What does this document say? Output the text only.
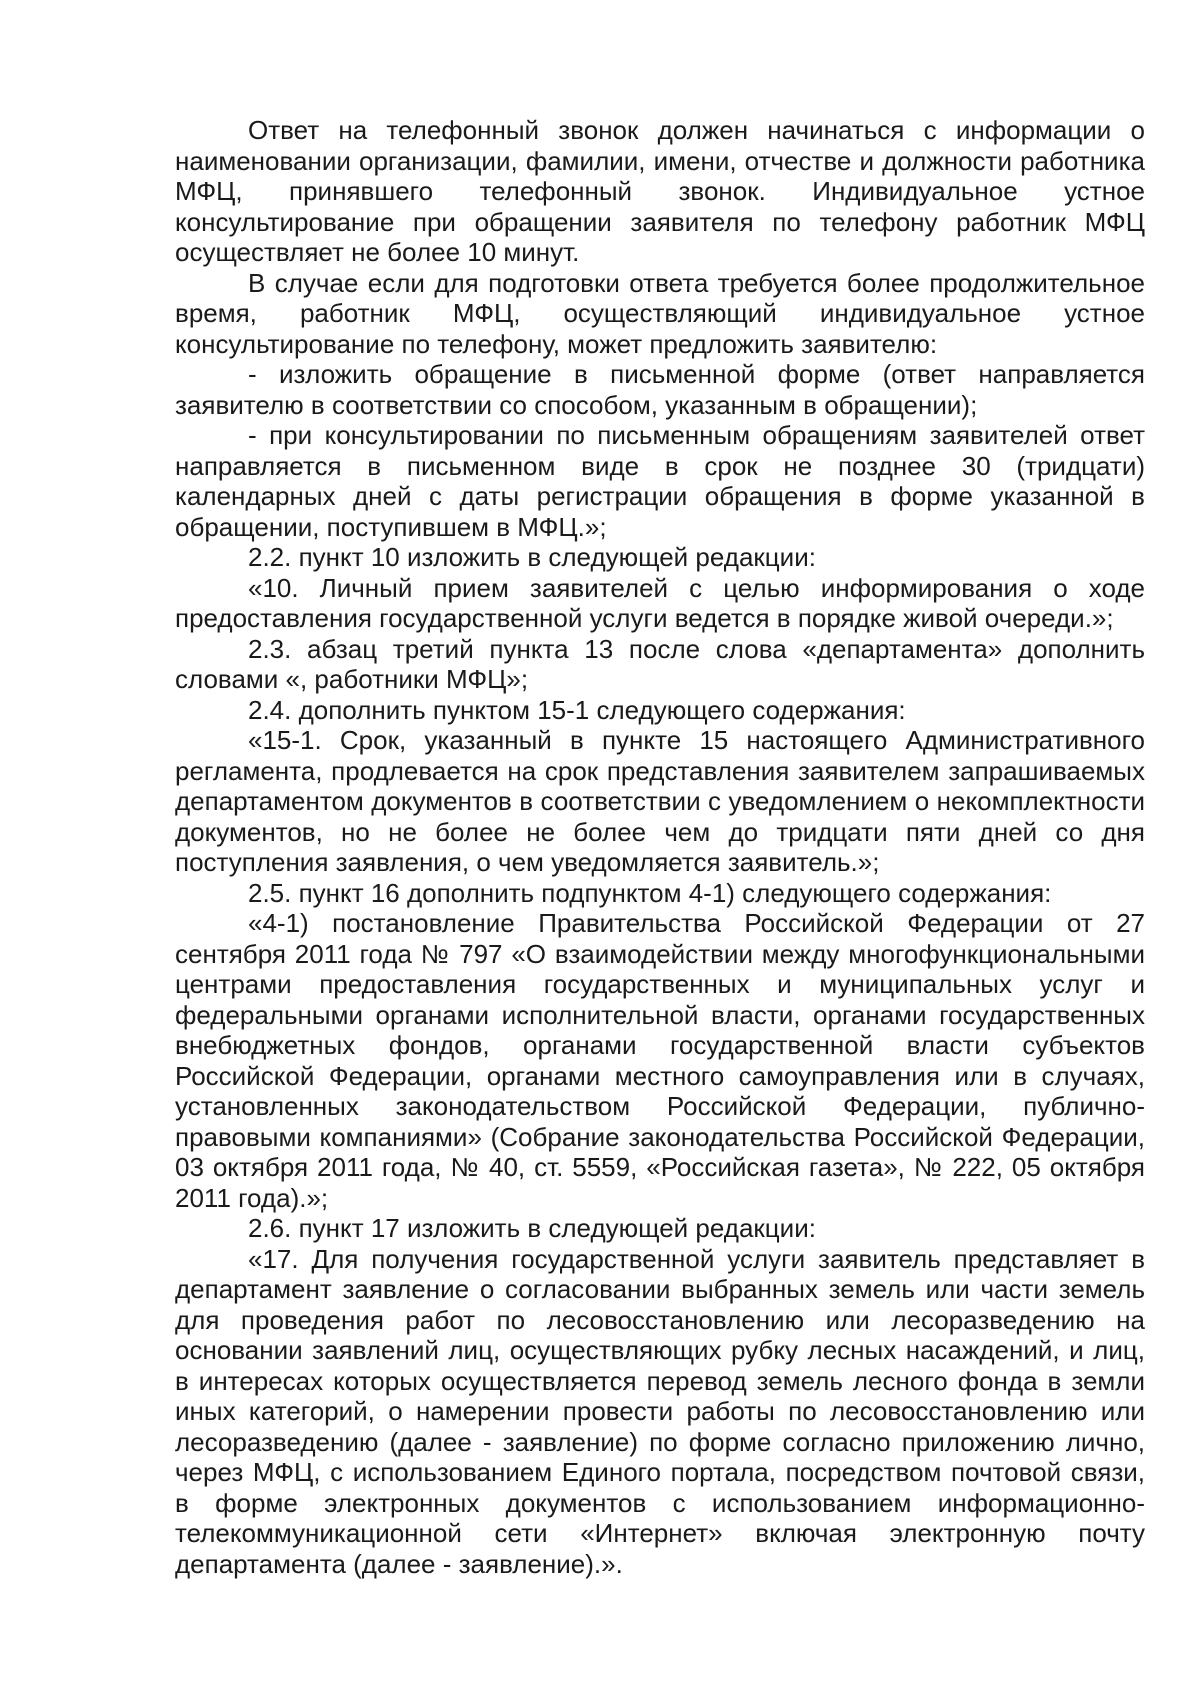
Ответ на телефонный звонок должен начинаться с информации о наименовании организации, фамилии, имени, отчестве и должности работника МФЦ, принявшего телефонный звонок. Индивидуальное устное консультирование при обращении заявителя по телефону работник МФЦ осуществляет не более 10 минут.

В случае если для подготовки ответа требуется более продолжительное время, работник МФЦ, осуществляющий индивидуальное устное консультирование по телефону, может предложить заявителю:

- изложить обращение в письменной форме (ответ направляется заявителю в соответствии со способом, указанным в обращении);

- при консультировании по письменным обращениям заявителей ответ направляется в письменном виде в срок не позднее 30 (тридцати) календарных дней с даты регистрации обращения в форме указанной в обращении, поступившем в МФЦ.»;

2.2. пункт 10 изложить в следующей редакции:

«10. Личный прием заявителей с целью информирования о ходе предоставления государственной услуги ведется в порядке живой очереди.»;

2.3. абзац третий пункта 13 после слова «департамента» дополнить словами «, работники МФЦ»;

2.4. дополнить пунктом 15-1 следующего содержания:

«15-1. Срок, указанный в пункте 15 настоящего Административного регламента, продлевается на срок представления заявителем запрашиваемых департаментом документов в соответствии с уведомлением о некомплектности документов, но не более не более чем до тридцати пяти дней со дня поступления заявления, о чем уведомляется заявитель.»;

2.5. пункт 16 дополнить подпунктом 4-1) следующего содержания:

«4-1) постановление Правительства Российской Федерации от 27 сентября 2011 года № 797 «О взаимодействии между многофункциональными центрами предоставления государственных и муниципальных услуг и федеральными органами исполнительной власти, органами государственных внебюджетных фондов, органами государственной власти субъектов Российской Федерации, органами местного самоуправления или в случаях, установленных законодательством Российской Федерации, публично-правовыми компаниями» (Собрание законодательства Российской Федерации, 03 октября 2011 года, № 40, ст. 5559, «Российская газета», № 222, 05 октября 2011 года).»;

2.6. пункт 17 изложить в следующей редакции:

«17. Для получения государственной услуги заявитель представляет в департамент заявление о согласовании выбранных земель или части земель для проведения работ по лесовосстановлению или лесоразведению на основании заявлений лиц, осуществляющих рубку лесных насаждений, и лиц, в интересах которых осуществляется перевод земель лесного фонда в земли иных категорий, о намерении провести работы по лесовосстановлению или лесоразведению (далее - заявление) по форме согласно приложению лично, через МФЦ, с использованием Единого портала, посредством почтовой связи, в форме электронных документов с использованием информационно-телекоммуникационной сети «Интернет» включая электронную почту департамента (далее - заявление).».
